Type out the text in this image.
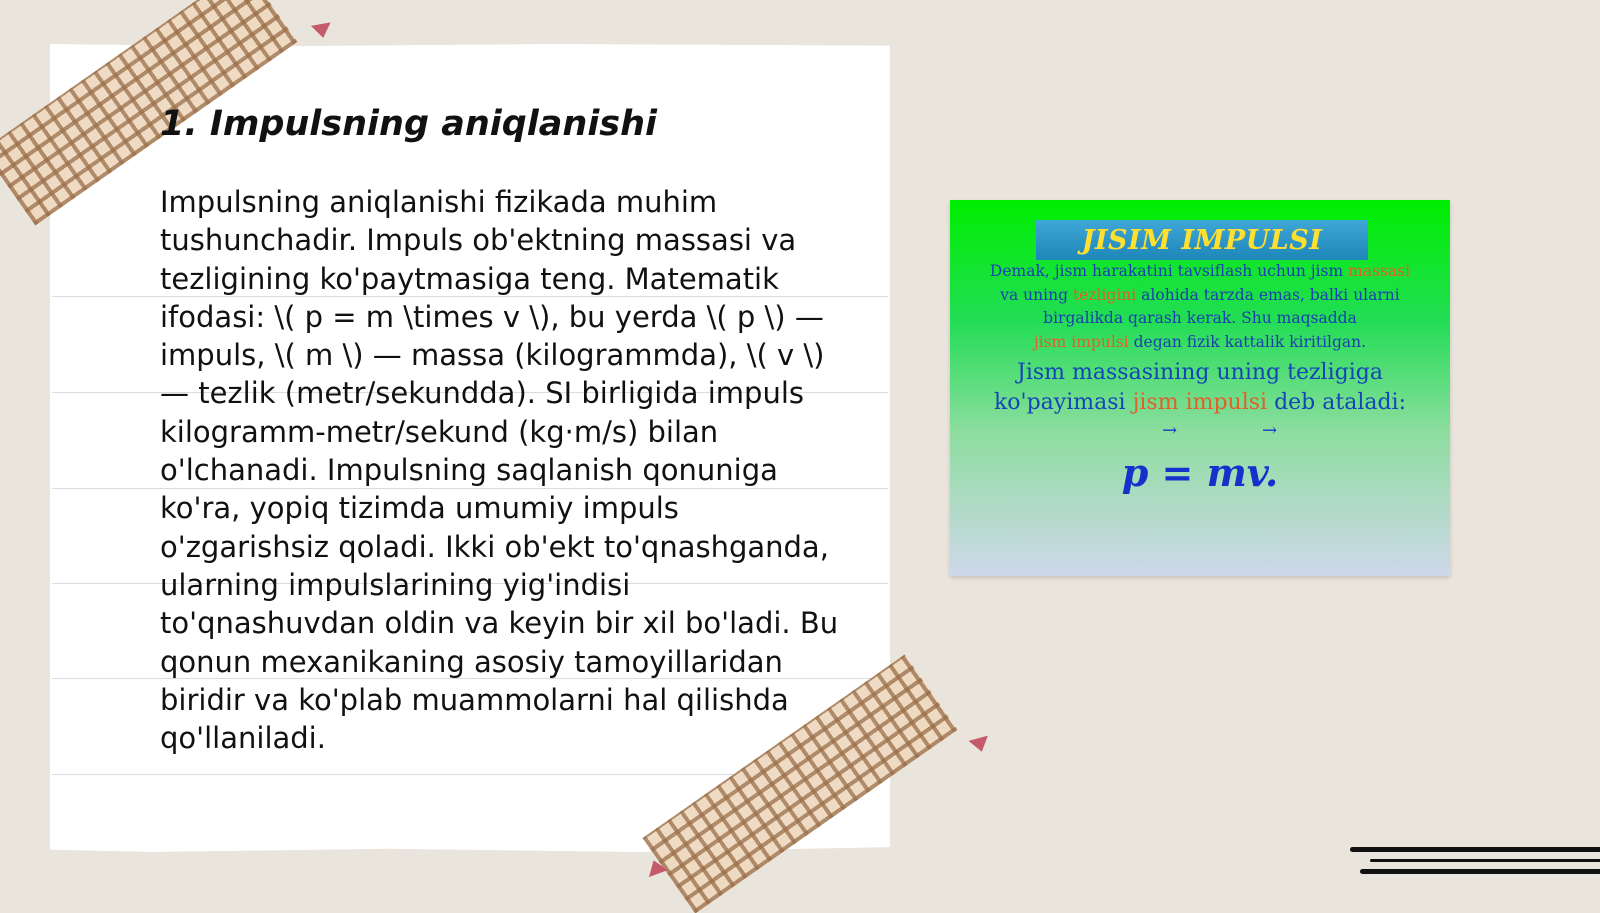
1. Impulsning aniqlanishi

Impulsning aniqlanishi fizikada muhim tushunchadir. Impuls ob'ektning massasi va tezligining ko'paytmasiga teng. Matematik ifodasi: \( p = m \times v \), bu yerda \( p \) — impuls, \( m \) — massa (kilogrammda), \( v \) — tezlik (metr/sekundda). SI birligida impuls kilogramm-metr/sekund (kg·m/s) bilan o'lchanadi. Impulsning saqlanish qonuniga ko'ra, yopiq tizimda umumiy impuls o'zgarishsiz qoladi. Ikki ob'ekt to'qnashganda, ularning impulslarining yig'indisi to'qnashuvdan oldin va keyin bir xil bo'ladi. Bu qonun mexanikaning asosiy tamoyillaridan biridir va ko'plab muammolarni hal qilishda qo'llaniladi.

JISIM IMPULSI
Demak, jism harakatini tavsiflash uchun jism massasi
va uning tezligini alohida tarzda emas, balki ularni
birgalikda qarash kerak. Shu maqsadda
jism impulsi degan fizik kattalik kiritilgan.
Jism massasining uning tezligiga
ko'payimasi jism impulsi deb ataladi:
→	→
p = mv.
